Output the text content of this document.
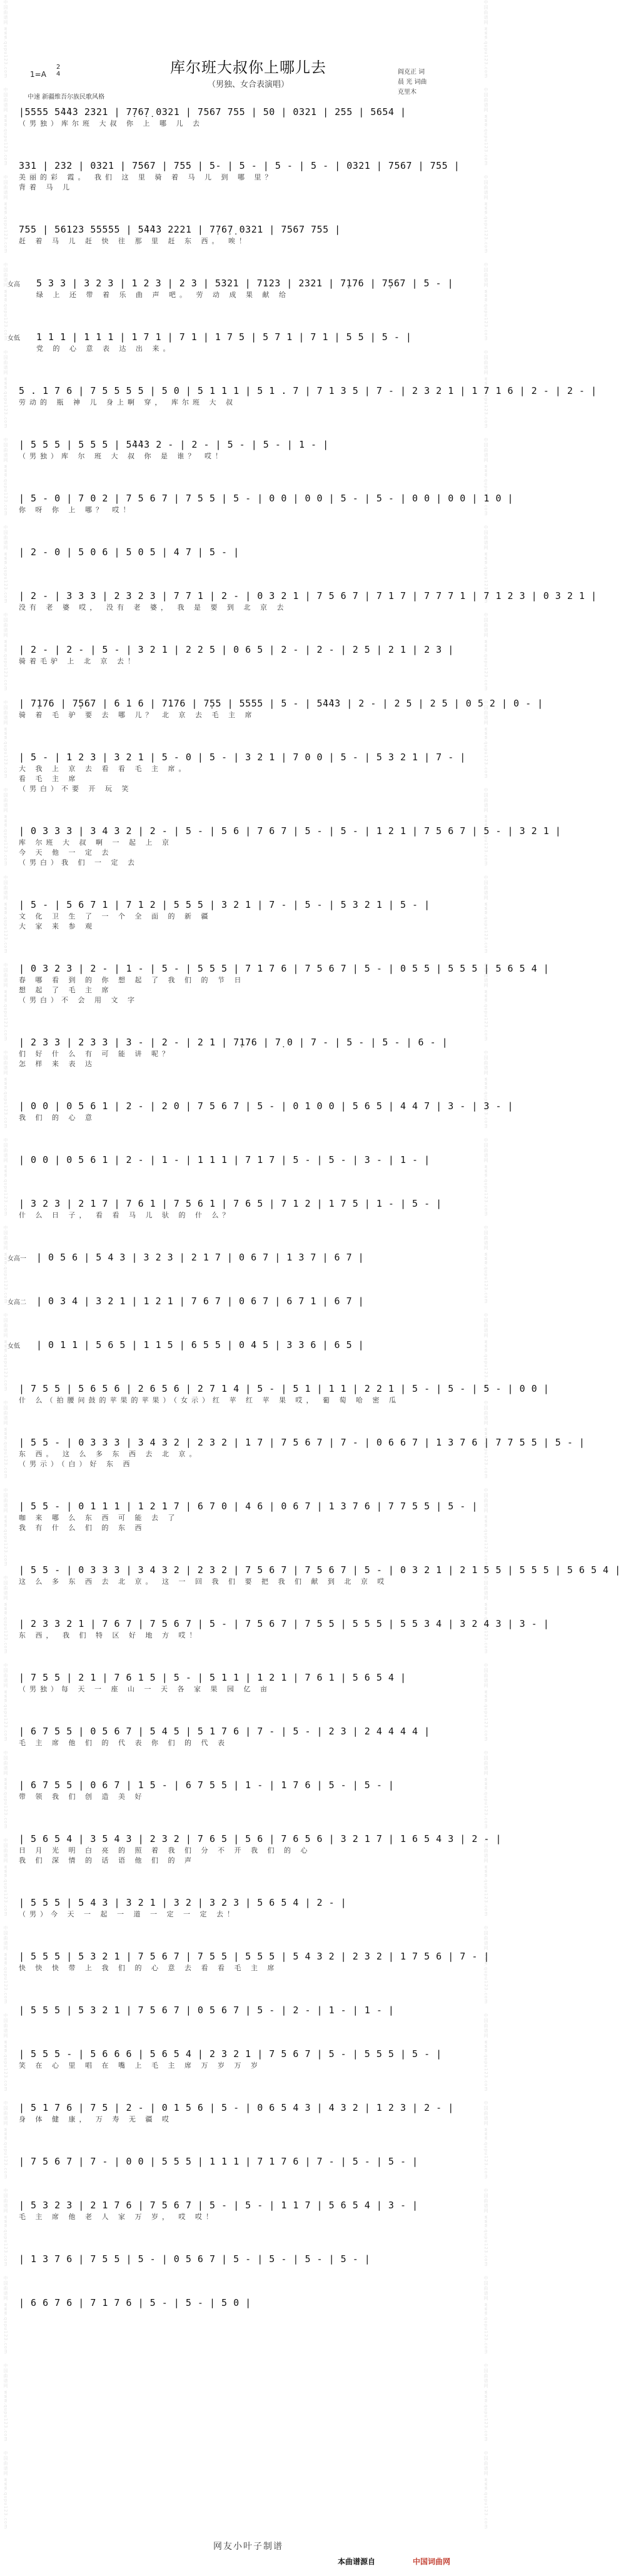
中国曲谱网 www.qupu123.com
中国曲谱网 www.qupu123.com
中国曲谱网 www.qupu123.com
中国曲谱网 www.qupu123.com
中国曲谱网 www.qupu123.com
中国曲谱网 www.qupu123.com
中国曲谱网 www.qupu123.com
中国曲谱网 www.qupu123.com
中国曲谱网 www.qupu123.com
中国曲谱网 www.qupu123.com
中国曲谱网 www.qupu123.com
中国曲谱网 www.qupu123.com
中国曲谱网 www.qupu123.com
中国曲谱网 www.qupu123.com
中国曲谱网 www.qupu123.com
中国曲谱网 www.qupu123.com
中国曲谱网 www.qupu123.com
中国曲谱网 www.qupu123.com
中国曲谱网 www.qupu123.com
中国曲谱网 www.qupu123.com
中国曲谱网 www.qupu123.com
中国曲谱网 www.qupu123.com
中国曲谱网 www.qupu123.com
中国曲谱网 www.qupu123.com
中国曲谱网 www.qupu123.com
中国曲谱网 www.qupu123.com
中国曲谱网 www.qupu123.com
中国曲谱网 www.qupu123.com
中国曲谱网 www.qupu123.com
中国曲谱网 www.qupu123.com
中国曲谱网 www.qupu123.com
中国曲谱网 www.qupu123.com
中国曲谱网 www.qupu123.com
中国曲谱网 www.qupu123.com
中国曲谱网 www.qupu123.com
中国曲谱网 www.qupu123.com
中国曲谱网 www.qupu123.com
中国曲谱网 www.qupu123.com
中国曲谱网 www.qupu123.com
中国曲谱网 www.qupu123.com
中国曲谱网 www.qupu123.com
中国曲谱网 www.qupu123.com
中国曲谱网 www.qupu123.com
中国曲谱网 www.qupu123.com
中国曲谱网 www.qupu123.com
中国曲谱网 www.qupu123.com
中国曲谱网 www.qupu123.com
中国曲谱网 www.qupu123.com
中国曲谱网 www.qupu123.com
中国曲谱网 www.qupu123.com
中国曲谱网 www.qupu123.com
中国曲谱网 www.qupu123.com
中国曲谱网 www.qupu123.com
中国曲谱网 www.qupu123.com
中国曲谱网 www.qupu123.com
中国曲谱网 www.qupu123.com
中国曲谱网 www.qupu123.com
中国曲谱网 www.qupu123.com
库尔班大叔你上哪儿去
（男独、女合表演唱）
1=A
2
4	阎克正 词
晨 光 词曲
克里木
中速 新疆维吾尔族民歌风格
|5555 5̇4̇4̇3 2321 | 7̣76̣7̣ 0321 | 7567 755 | 50 | 0321 | 255 | 5654 |
（男独）库尔班 大叔 你 上 哪 儿 去
331 | 232 | 0321 | 7567 | 755 | 5- | 5 - | 5 - | 5 - | 0321 | 7567 | 755 |
美丽的彩 霞。 我们 这 里 骑 着 马 儿 到 哪 里？
背着 马 儿
755 | 56123 55555 | 5̇4̇4̇3 2221 | 7̣76̣7̣ 0321 | 7567 755 |
赶 着 马 儿 赶 快 往 那 里 赶 东 西。 唉！
女高	5 3 3 | 3 2 3 | 1 2 3 | 2 3 | 5321 | 7123 | 2321 | 7̣176 | 7̣567 | 5 - |
绿 上 还 带 着 乐 曲 声 吧。 劳 动 成 果 献 给
女低	1 1 1 | 1 1 1 | 1 7 1 | 7 1 | 1 7 5 | 5 7 1 | 7 1 | 5 5 | 5 - |
党 的 心 意 表 达 出 来。
5 . 1 7 6 | 7 5 5 5 5 | 5 0 | 5 1 1 1 | 5 1 . 7 | 7 1 3 5 | 7 - | 2 3 2 1 | 1 7 1 6 | 2 - | 2 - |
劳动的 瓶 神 儿 身上啊 穿， 库尔班 大 叔
| 5 5 5 | 5 5 5 | 5̇4̇4̇3 2 - | 2 - | 5 - | 5 - | 1 - |
（男独）库 尔 班 大 叔 你 是 谁？ 哎！
| 5 - 0 | 7 0 2 | 7 5 6 7 | 7 5 5 | 5 - | 0 0 | 0 0 | 5 - | 5 - | 0 0 | 0 0 | 1 0 |
你 呀 你 上 哪？ 哎！
| 2 - 0 | 5 0 6 | 5 0 5 | 4 7 | 5 - |
| 2 - | 3 3 3 | 2 3 2 3 | 7 7 1 | 2 - | 0 3 2 1 | 7 5 6 7 | 7 1 7 | 7 7 7 1 | 7 1 2 3 | 0 3 2 1 |
没有 老 婆 哎， 没有 老 婆， 我 是 要 到 北 京 去
| 2 - | 2 - | 5 - | 3 2 1 | 2 2 5 | 0 6 5 | 2 - | 2 - | 2 5 | 2 1 | 2 3 |
骑着毛驴 上 北 京 去！
| 7̣176 | 7̣567 | 6 1 6 | 7176 | 7̣55 | 5555 | 5 - | 5̇4̇4̇3 | 2 - | 2 5 | 2 5 | 0 5 2 | 0 - |
骑 着 毛 驴 要 去 哪 儿？ 北 京 去 毛 主 席
| 5 - | 1 2 3 | 3 2 1 | 5 - 0 | 5 - | 3 2 1 | 7 0 0 | 5 - | 5 3 2 1 | 7 - |
大 我 上 京 去 看 看 毛 主 席。
看 毛 主 席
（男白）不要 开 玩 笑
| 0 3 3 3 | 3 4 3 2 | 2 - | 5 - | 5 6 | 7 6 7 | 5 - | 5 - | 1 2 1 | 7 5 6 7 | 5 - | 3 2 1 |
库 尔班 大 叔 啊 一 起 上 京
今 天 他 一 定 去
（男白）我 们 一 定 去
| 5 - | 5 6 7 1 | 7 1 2 | 5 5 5 | 3 2 1 | 7 - | 5 - | 5 3 2 1 | 5 - |
文 化 卫 生 了 一 个 全 面 的 新 疆
大 家 来 参 观
| 0 3 2 3 | 2 - | 1 - | 5 - | 5 5 5 | 7 1 7 6 | 7 5 6 7 | 5 - | 0 5 5 | 5 5 5 | 5 6 5 4 |
春 哪 看 到 的 你 想 起 了 我 们 的 节 日
想 起 了 毛 主 席
（男白）不 会 用 文 字
| 2 3 3 | 2 3 3 | 3 - | 2 - | 2 1 | 7̣176 | 7̣ 0 | 7 - | 5 - | 5 - | 6 - |
们 好 什 么 有 可 能 讲 呢？
怎 样 来 表 达
| 0 0 | 0 5 6 1 | 2 - | 2 0 | 7 5 6 7 | 5 - | 0 1 0 0 | 5 6 5 | 4 4 7 | 3 - | 3 - |
我 们 的 心 意
| 0 0 | 0 5 6 1 | 2 - | 1 - | 1 1 1 | 7 1 7 | 5 - | 5 - | 3 - | 1 - |
| 3 2 3 | 2 1 7 | 7 6 1 | 7 5 6 1 | 7 6 5 | 7 1 2 | 1 7 5 | 1 - | 5 - |
什 么 日 子， 看 看 马 儿 驮 的 什 么？
女高一	| 0 5 6 | 5 4 3 | 3 2 3 | 2 1 7 | 0 6 7 | 1 3 7 | 6 7 |
女高二	| 0 3 4 | 3 2 1 | 1 2 1 | 7 6 7 | 0 6 7 | 6 7 1 | 6 7 |
女低	| 0 1 1 | 5 6 5 | 1 1 5 | 6 5 5 | 0 4 5 | 3 3 6 | 6 5 |
| 7 5 5 | 5 6 5 6 | 2 6 5 6 | 2 7 1 4 | 5 - | 5 1 | 1 1 | 2 2 1 | 5 - | 5 - | 5 - | 0 0 |
什 么（拍腰问鼓的苹果的苹果）（女示）红 苹 红 苹 果 哎， 葡 萄 哈 密 瓜
| 5 5 - | 0 3 3 3 | 3 4 3 2 | 2 3 2 | 1 7 | 7 5 6 7 | 7 - | 0 6 6 7 | 1 3 7 6 | 7 7 5 5 | 5 - |
东 西。 这 么 多 东 西 去 北 京。
（男示）（白）好 东 西
| 5 5 - | 0 1 1 1 | 1 2 1 7 | 6 7 0 | 4 6 | 0 6 7 | 1 3 7 6 | 7 7 5 5 | 5 - |
咖 来 哪 么 东 西 可 能 去 了
我 有 什 么 们 的 东 西
| 5 5 - | 0 3 3 3 | 3 4 3 2 | 2 3 2 | 7 5 6 7 | 7 5 6 7 | 5 - | 0 3 2 1 | 2 1 5 5 | 5 5 5 | 5 6 5 4 |
这 么 多 东 西 去 北 京。 这 一 回 我 们 要 把 我 们 献 到 北 京 哎
| 2 3 3 2 1 | 7 6 7 | 7 5 6 7 | 5 - | 7 5 6 7 | 7 5 5 | 5 5 5 | 5 5 3 4 | 3 2 4 3 | 3 - |
东 西， 我 们 特 区 好 地 方 哎！
| 7 5 5 | 2 1 | 7 6 1 5 | 5 - | 5 1 1 | 1 2 1 | 7 6 1 | 5 6 5 4 |
（男独）每 天 一 座 山 一 天 各 家 果 园 亿 亩
| 6 7 5 5 | 0 5 6 7 | 5 4 5 | 5 1 7 6 | 7 - | 5 - | 2 3 | 2 4 4 4 4 |
毛 主 席 他 们 的 代 表 你 们 的 代 表
| 6 7 5 5 | 0 6 7 | 1 5 - | 6 7 5 5 | 1 - | 1 7 6 | 5 - | 5 - |
带 领 我 们 创 造 美 好
| 5 6 5 4 | 3 5 4 3 | 2 3 2 | 7 6 5 | 5 6 | 7 6 5 6 | 3 2 1 7 | 1 6 5 4 3 | 2 - |
日 月 光 明 白 亮 的 照 着 我 们 分 不 开 我 们 的 心
我 们 深 情 的 话 语 他 们 的 声
| 5 5 5 | 5 4 3 | 3 2 1 | 3 2 | 3 2 3 | 5 6 5 4 | 2 - |
（男）今 天 一 起 一 道 一 定 一 定 去！
| 5 5 5 | 5 3 2 1 | 7 5 6 7 | 7 5 5 | 5 5 5 | 5 4 3 2 | 2 3 2 | 1 7 5 6 | 7 - |
快 快 快 带 上 我 们 的 心 意 去 看 看 毛 主 席
| 5 5 5 | 5 3 2 1 | 7 5 6 7 | 0 5 6 7 | 5 - | 2 - | 1 - | 1 - |
| 5 5 5 - | 5 6 6 6 | 5 6 5 4 | 2 3 2 1 | 7 5 6 7 | 5 - | 5 5 5 | 5 - |
笑 在 心 里 唱 在 嘴 上 毛 主 席 万 岁 万 岁
| 5 1 7 6 | 7 5 | 2 - | 0 1 5 6 | 5 - | 0 6 5 4 3 | 4 3 2 | 1 2 3 | 2 - |
身 体 健 康， 万 寿 无 疆 哎
| 7 5 6 7 | 7 - | 0 0 | 5 5 5 | 1 1 1 | 7 1 7 6 | 7 - | 5 - | 5 - |
| 5 3 2 3 | 2 1 7 6 | 7 5 6 7 | 5 - | 5 - | 1 1 7 | 5 6 5 4 | 3 - |
毛 主 席 他 老 人 家 万 岁， 哎 哎！
| 1 3 7 6 | 7 5 5 | 5 - | 0 5 6 7 | 5 - | 5 - | 5 - | 5 - |
| 6 6 7 6 | 7 1 7 6 | 5 - | 5 - | 5 0 |
网友小叶子制谱
本曲谱源自	中国词曲网
